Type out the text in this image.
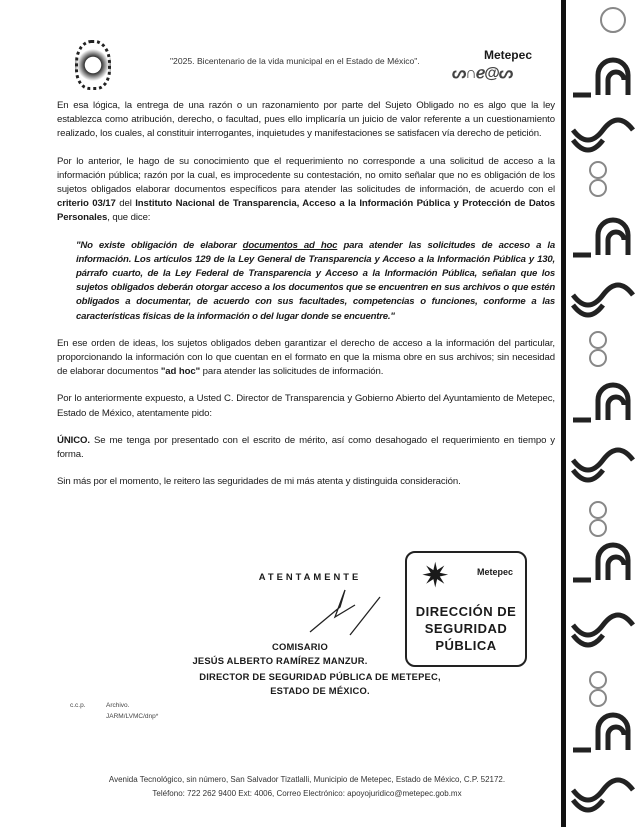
"2025. Bicentenario de la vida municipal en el Estado de México".	Metepec
ᔕ∩ℯ@ᔕ

En esa lógica, la entrega de una razón o un razonamiento por parte del Sujeto Obligado no es algo que la ley establezca como atribución, derecho, o facultad, pues ello implicaría un juicio de valor referente a un cuestionamiento realizado, los cuales, al constituir interrogantes, inquietudes y manifestaciones se satisfacen vía derecho de petición.

Por lo anterior, le hago de su conocimiento que el requerimiento no corresponde a una solicitud de acceso a la información pública; razón por la cual, es improcedente su contestación, no omito señalar que no es obligación de los sujetos obligados elaborar documentos específicos para atender las solicitudes de información, de acuerdo con el criterio 03/17 del Instituto Nacional de Transparencia, Acceso a la Información Pública y Protección de Datos Personales, que dice:

"No existe obligación de elaborar documentos ad hoc para atender las solicitudes de acceso a la información. Los artículos 129 de la Ley General de Transparencia y Acceso a la Información Pública y 130, párrafo cuarto, de la Ley Federal de Transparencia y Acceso a la Información Pública, señalan que los sujetos obligados deberán otorgar acceso a los documentos que se encuentren en sus archivos o que estén obligados a documentar, de acuerdo con sus facultades, competencias o funciones, conforme a las características físicas de la información o del lugar donde se encuentre."

En ese orden de ideas, los sujetos obligados deben garantizar el derecho de acceso a la información del particular, proporcionando la información con lo que cuentan en el formato en que la misma obre en sus archivos; sin necesidad de elaborar documentos "ad hoc" para atender las solicitudes de información.

Por lo anteriormente expuesto, a Usted C. Director de Transparencia y Gobierno Abierto del Ayuntamiento de Metepec, Estado de México, atentamente pido:

ÚNICO. Se me tenga por presentado con el escrito de mérito, así como desahogado el requerimiento en tiempo y forma.

Sin más por el momento, le reitero las seguridades de mi más atenta y distinguida consideración.

ATENTAMENTE
COMISARIO
JESÚS ALBERTO RAMÍREZ MANZUR.
DIRECTOR DE SEGURIDAD PÚBLICA DE METEPEC,
ESTADO DE MÉXICO.
✷	Metepec
DIRECCIÓN DE SEGURIDAD PÚBLICA
c.c.p.	Archivo.
JARM/LVMC/dnp*
Avenida Tecnológico, sin número, San Salvador Tizatlalli, Municipio de Metepec, Estado de México, C.P. 52172.
Teléfono: 722 262 9400 Ext: 4006, Correo Electrónico: apoyojuridico@metepec.gob.mx
